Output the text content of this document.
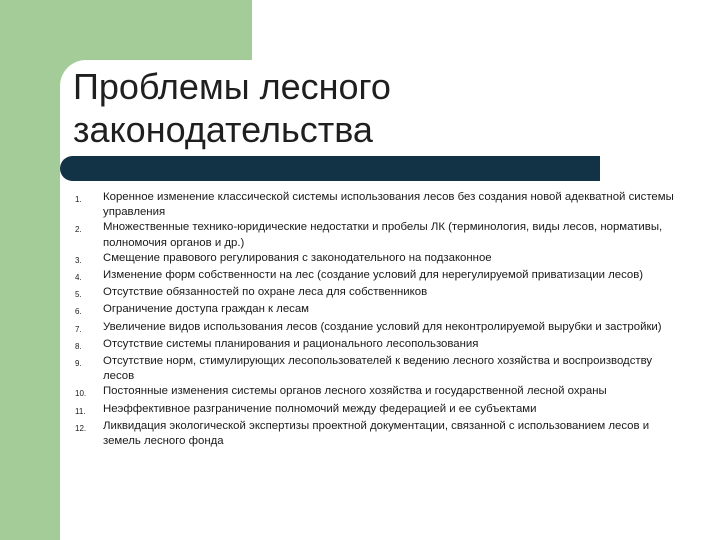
Проблемы лесного
законодательства
1.	Коренное изменение классической системы использования лесов без создания новой адекватной системы управления
2.	Множественные технико-юридические недостатки и пробелы ЛК (терминология, виды лесов, нормативы, полномочия органов и др.)
3.	Смещение правового регулирования с законодательного на подзаконное
4.	Изменение форм собственности на лес (создание условий для нерегулируемой приватизации лесов)
5.	Отсутствие обязанностей по охране леса для собственников
6.	Ограничение доступа граждан к лесам
7.	Увеличение видов использования лесов (создание условий для неконтролируемой вырубки и застройки)
8.	Отсутствие системы планирования и рационального лесопользования
9.	Отсутствие норм, стимулирующих лесопользователей к ведению лесного хозяйства и воспроизводству лесов
10.	Постоянные изменения системы органов лесного хозяйства и государственной лесной охраны
11.	Неэффективное разграничение полномочий между федерацией и ее субъектами
12.	Ликвидация экологической экспертизы проектной документации, связанной с использованием лесов и земель лесного фонда
